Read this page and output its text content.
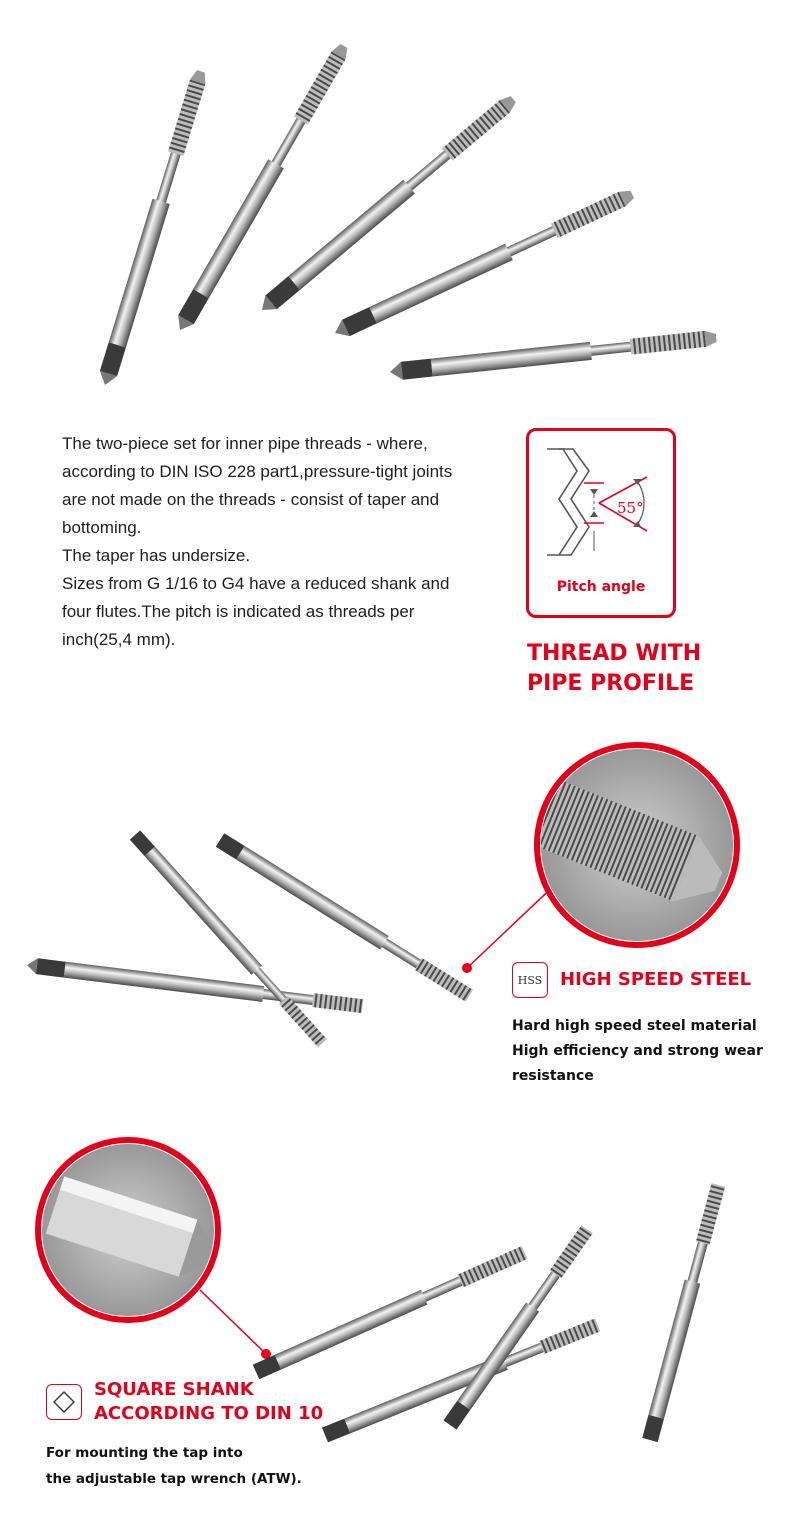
The two-piece set for inner pipe threads - where,
according to DIN ISO 228 part1,pressure-tight joints
are not made on the threads - consist of taper and
bottoming.
The taper has undersize.
Sizes from G 1/16 to G4 have a reduced shank and
four flutes.The pitch is indicated as threads per
inch(25,4 mm).
55°
Pitch angle
THREAD WITH
PIPE PROFILE
HSS HIGH SPEED STEEL
Hard high speed steel material
High efficiency and strong wear
resistance
SQUARE SHANK
ACCORDING TO DIN 10
For mounting the tap into
the adjustable tap wrench (ATW).
